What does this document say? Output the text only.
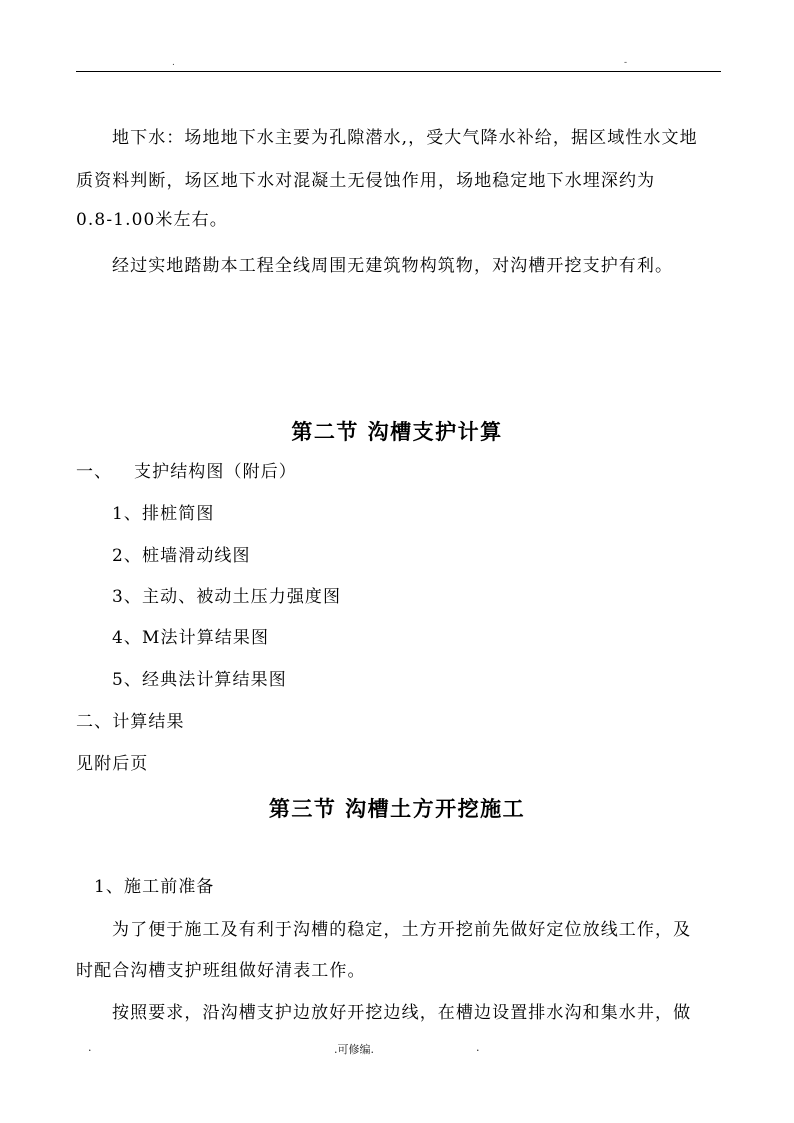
.	-
地下水：场地地下水主要为孔隙潜水,，受大气降水补给，据区域性水文地
质资料判断，场区地下水对混凝土无侵蚀作用，场地稳定地下水埋深约为
0.8-1.00米左右。
经过实地踏勘本工程全线周围无建筑物构筑物，对沟槽开挖支护有利。
第二节 沟槽支护计算
一、	支护结构图（附后）
1、排桩简图
2、桩墙滑动线图
3、主动、被动土压力强度图
4、M法计算结果图
5、经典法计算结果图
二、计算结果
见附后页
第三节 沟槽土方开挖施工
1、施工前准备
为了便于施工及有利于沟槽的稳定，土方开挖前先做好定位放线工作，及
时配合沟槽支护班组做好清表工作。
按照要求，沿沟槽支护边放好开挖边线，在槽边设置排水沟和集水井，做
.	.可修编.	.
